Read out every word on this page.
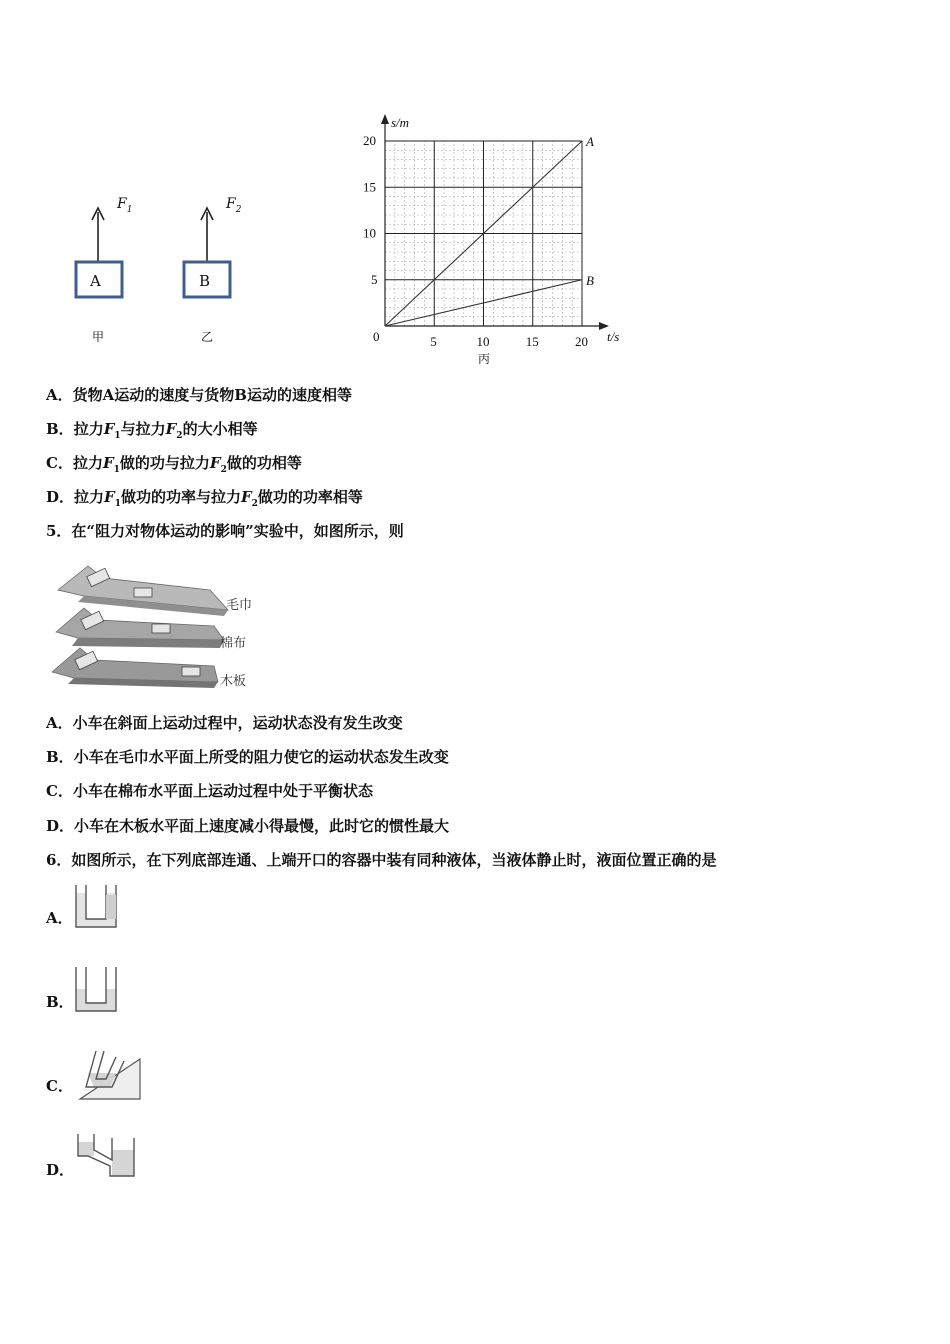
A
$F_1$
甲
B
$F_2$
乙
A
B
0	5	10	15	20
5
10
15
20
s/m
t/s
A．货物A运动的速度与货物B运动的速度相等
B．拉力$F_1$与拉力$F_2$的大小相等
C．拉力$F_1$做的功与拉力$F_2$做的功相等
D．拉力$F_1$做功的功率与拉力$F_2$做功的功率相等
5．在“阻力对物体运动的影响”实验中，如图所示，则
毛巾
棉布
木板
A．小车在斜面上运动过程中，运动状态没有发生改变
B．小车在毛巾水平面上所受的阻力使它的运动状态发生改变
C．小车在棉布水平面上运动过程中处于平衡状态
D．小车在木板水平面上速度减小得最慢，此时它的惯性最大
6．如图所示，在下列底部连通、上端开口的容器中装有同种液体，当液体静止时，液面位置正确的是
A．
B．
C．
D．
丙
